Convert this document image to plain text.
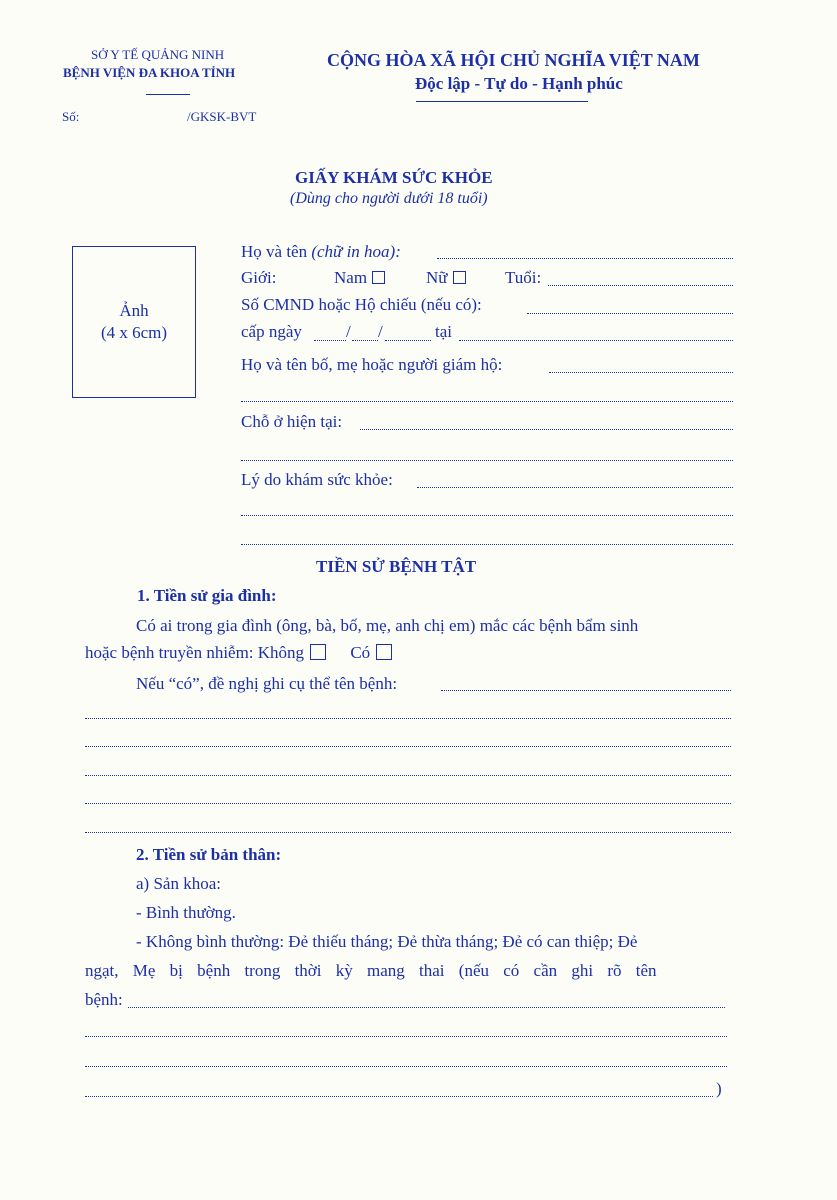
SỞ Y TẾ QUẢNG NINH
BỆNH VIỆN ĐA KHOA TỈNH
CỘNG HÒA XÃ HỘI CHỦ NGHĨA VIỆT NAM
Độc lập - Tự do - Hạnh phúc
Số:	/GKSK-BVT
GIẤY KHÁM SỨC KHỎE
(Dùng cho người dưới 18 tuổi)
Ảnh
(4 x 6cm)
Họ và tên (chữ in hoa):
Giới:	Nam	Nữ	Tuổi:
Số CMND hoặc Hộ chiếu (nếu có):
cấp ngày	/ /	tại
Họ và tên bố, mẹ hoặc người giám hộ:
Chỗ ở hiện tại:
Lý do khám sức khỏe:
TIỀN SỬ BỆNH TẬT
1. Tiền sử gia đình:
Có ai trong gia đình (ông, bà, bố, mẹ, anh chị em) mắc các bệnh bẩm sinh
hoặc bệnh truyền nhiễm: Không	Có
Nếu “có”, đề nghị ghi cụ thể tên bệnh:
2. Tiền sử bản thân:
a) Sản khoa:
- Bình thường.
- Không bình thường: Đẻ thiếu tháng; Đẻ thừa tháng; Đẻ có can thiệp; Đẻ
ngạt, Mẹ bị bệnh trong thời kỳ mang thai (nếu có cần ghi rõ tên
bệnh:
)
